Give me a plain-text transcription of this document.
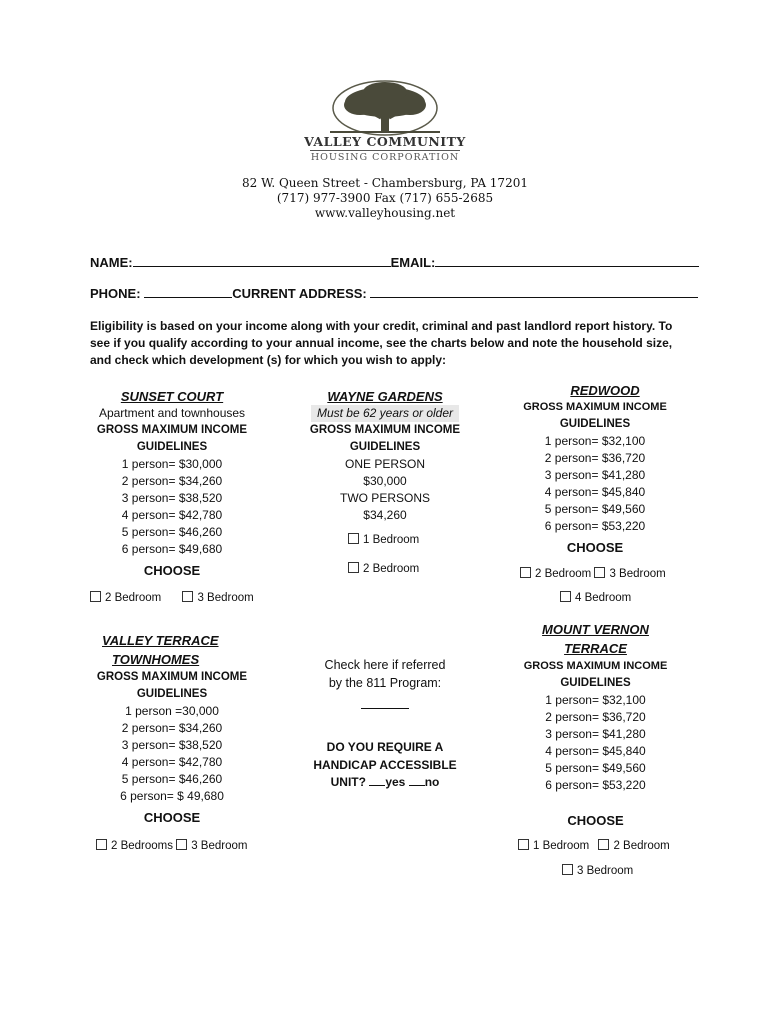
VALLEY COMMUNITY
HOUSING CORPORATION
82 W. Queen Street - Chambersburg, PA 17201
(717) 977-3900 Fax (717) 655-2685
www.valleyhousing.net
NAME:	EMAIL:
PHONE:	CURRENT ADDRESS:
Eligibility is based on your income along with your credit, criminal and past landlord report history. To
see if you qualify according to your annual income, see the charts below and note the household size,
and check which development (s) for which you wish to apply:
SUNSET COURT
Apartment and townhouses
GROSS MAXIMUM INCOME
GUIDELINES
1 person= $30,000
2 person= $34,260
3 person= $38,520
4 person= $42,780
5 person= $46,260
6 person= $49,680
CHOOSE
2 Bedroom	3 Bedroom
WAYNE GARDENS
Must be 62 years or older
GROSS MAXIMUM INCOME
GUIDELINES
ONE PERSON
$30,000
TWO PERSONS
$34,260
1 Bedroom
2 Bedroom
REDWOOD
GROSS MAXIMUM INCOME
GUIDELINES
1 person= $32,100
2 person= $36,720
3 person= $41,280
4 person= $45,840
5 person= $49,560
6 person= $53,220
CHOOSE
2 Bedroom 3 Bedroom
4 Bedroom
VALLEY TERRACE
TOWNHOMES
GROSS MAXIMUM INCOME
GUIDELINES
1 person =30,000
2 person= $34,260
3 person= $38,520
4 person= $42,780
5 person= $46,260
6 person= $ 49,680
CHOOSE
2 Bedrooms 3 Bedroom
Check here if referred
by the 811 Program:
DO YOU REQUIRE A
HANDICAP ACCESSIBLE
UNIT? yes no
MOUNT VERNON
TERRACE
GROSS MAXIMUM INCOME
GUIDELINES
1 person= $32,100
2 person= $36,720
3 person= $41,280
4 person= $45,840
5 person= $49,560
6 person= $53,220
CHOOSE
1 Bedroom 2 Bedroom
3 Bedroom
